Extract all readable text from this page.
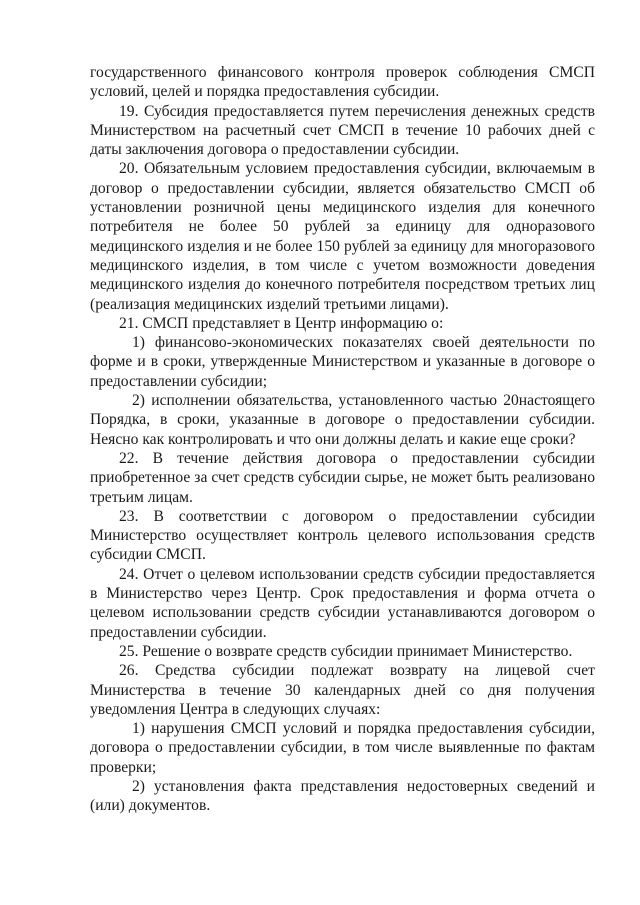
государственного финансового контроля проверок соблюдения СМСП условий, целей и порядка предоставления субсидии.

19. Субсидия предоставляется путем перечисления денежных средств Министерством на расчетный счет СМСП в течение 10 рабочих дней с даты заключения договора о предоставлении субсидии.

20. Обязательным условием предоставления субсидии, включаемым в договор о предоставлении субсидии, является обязательство СМСП об установлении розничной цены медицинского изделия для конечного потребителя не более 50 рублей за единицу для одноразового медицинского изделия и не более 150 рублей за единицу для многоразового медицинского изделия, в том числе с учетом возможности доведения медицинского изделия до конечного потребителя посредством третьих лиц (реализация медицинских изделий третьими лицами).

21. СМСП представляет в Центр информацию о:

1) финансово-экономических показателях своей деятельности по форме и в сроки, утвержденные Министерством и указанные в договоре о предоставлении субсидии;

2) исполнении обязательства, установленного частью 20настоящего Порядка, в сроки, указанные в договоре о предоставлении субсидии. Неясно как контролировать и что они должны делать и какие еще сроки?

22. В течение действия договора о предоставлении субсидии приобретенное за счет средств субсидии сырье, не может быть реализовано третьим лицам.

23. В соответствии с договором о предоставлении субсидии Министерство осуществляет контроль целевого использования средств субсидии СМСП.

24. Отчет о целевом использовании средств субсидии предоставляется в Министерство через Центр. Срок предоставления и форма отчета о целевом использовании средств субсидии устанавливаются договором о предоставлении субсидии.

25. Решение о возврате средств субсидии принимает Министерство.

26. Средства субсидии подлежат возврату на лицевой счет Министерства в течение 30 календарных дней со дня получения уведомления Центра в следующих случаях:

1) нарушения СМСП условий и порядка предоставления субсидии, договора о предоставлении субсидии, в том числе выявленные по фактам проверки;

2) установления факта представления недостоверных сведений и (или) документов.
